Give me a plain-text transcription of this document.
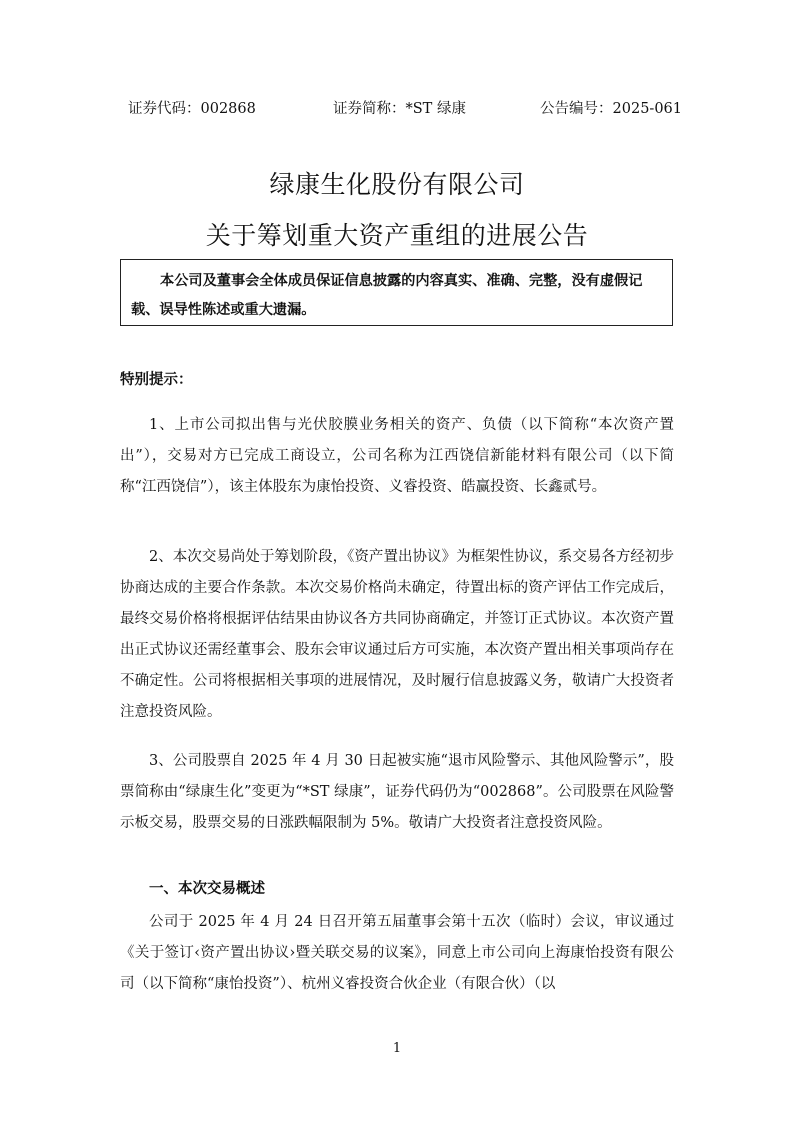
证券代码：002868	证券简称：*ST 绿康	公告编号：2025-061
绿康生化股份有限公司
关于筹划重大资产重组的进展公告
本公司及董事会全体成员保证信息披露的内容真实、准确、完整，没有虚假记载、误导性陈述或重大遗漏。
特别提示：

1、上市公司拟出售与光伏胶膜业务相关的资产、负债（以下简称“本次资产置出”），交易对方已完成工商设立，公司名称为江西饶信新能材料有限公司（以下简称“江西饶信”），该主体股东为康怡投资、义睿投资、皓赢投资、长鑫贰号。

2、本次交易尚处于筹划阶段，《资产置出协议》为框架性协议，系交易各方经初步协商达成的主要合作条款。本次交易价格尚未确定，待置出标的资产评估工作完成后，最终交易价格将根据评估结果由协议各方共同协商确定，并签订正式协议。本次资产置出正式协议还需经董事会、股东会审议通过后方可实施，本次资产置出相关事项尚存在不确定性。公司将根据相关事项的进展情况，及时履行信息披露义务，敬请广大投资者注意投资风险。

3、公司股票自 2025 年 4 月 30 日起被实施“退市风险警示、其他风险警示”，股票简称由“绿康生化”变更为“*ST 绿康”，证券代码仍为“002868”。公司股票在风险警示板交易，股票交易的日涨跌幅限制为 5%。敬请广大投资者注意投资风险。

一、本次交易概述

公司于 2025 年 4 月 24 日召开第五届董事会第十五次（临时）会议，审议通过《关于签订‹资产置出协议›暨关联交易的议案》，同意上市公司向上海康怡投资有限公司（以下简称“康怡投资”）、杭州义睿投资合伙企业（有限合伙）（以

1
